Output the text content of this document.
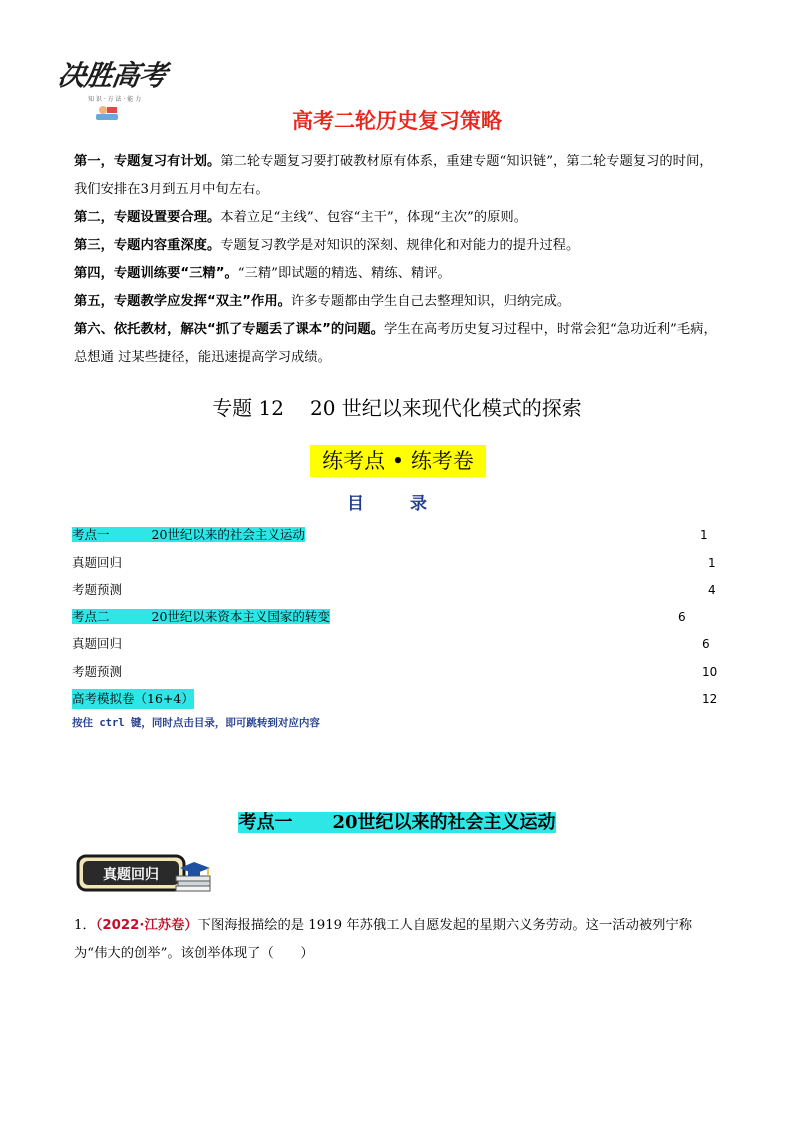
决胜高考
知 识 · 方 法 · 能 力
高考二轮历史复习策略
第一，专题复习有计划。第二轮专题复习要打破教材原有体系，重建专题“知识链”，第二轮专题复习的时间，我们安排在3月到五月中旬左右。
第二，专题设置要合理。本着立足“主线”、包容“主干”，体现“主次”的原则。
第三，专题内容重深度。专题复习教学是对知识的深刻、规律化和对能力的提升过程。
第四，专题训练要“三精”。“三精”即试题的精选、精练、精评。
第五，专题教学应发挥“双主”作用。许多专题都由学生自己去整理知识，归纳完成。
第六、依托教材，解决“抓了专题丢了课本”的问题。学生在高考历史复习过程中，时常会犯“急功近利”毛病，总想通 过某些捷径，能迅速提高学习成绩。
专题 12 20 世纪以来现代化模式的探索
练考点 • 练考卷
目 录
考点一	20世纪以来的社会主义运动	1
真题回归	1
考题预测	4
考点二	20世纪以来资本主义国家的转变	6
真题回归	6
考题预测	10
高考模拟卷（16+4）	12
按住 ctrl 键，同时点击目录，即可跳转到对应内容
考点一 20世纪以来的社会主义运动
真题回归
1．（2022·江苏卷）下图海报描绘的是 1919 年苏俄工人自愿发起的星期六义务劳动。这一活动被列宁称为“伟大的创举”。该创举体现了（　　）
